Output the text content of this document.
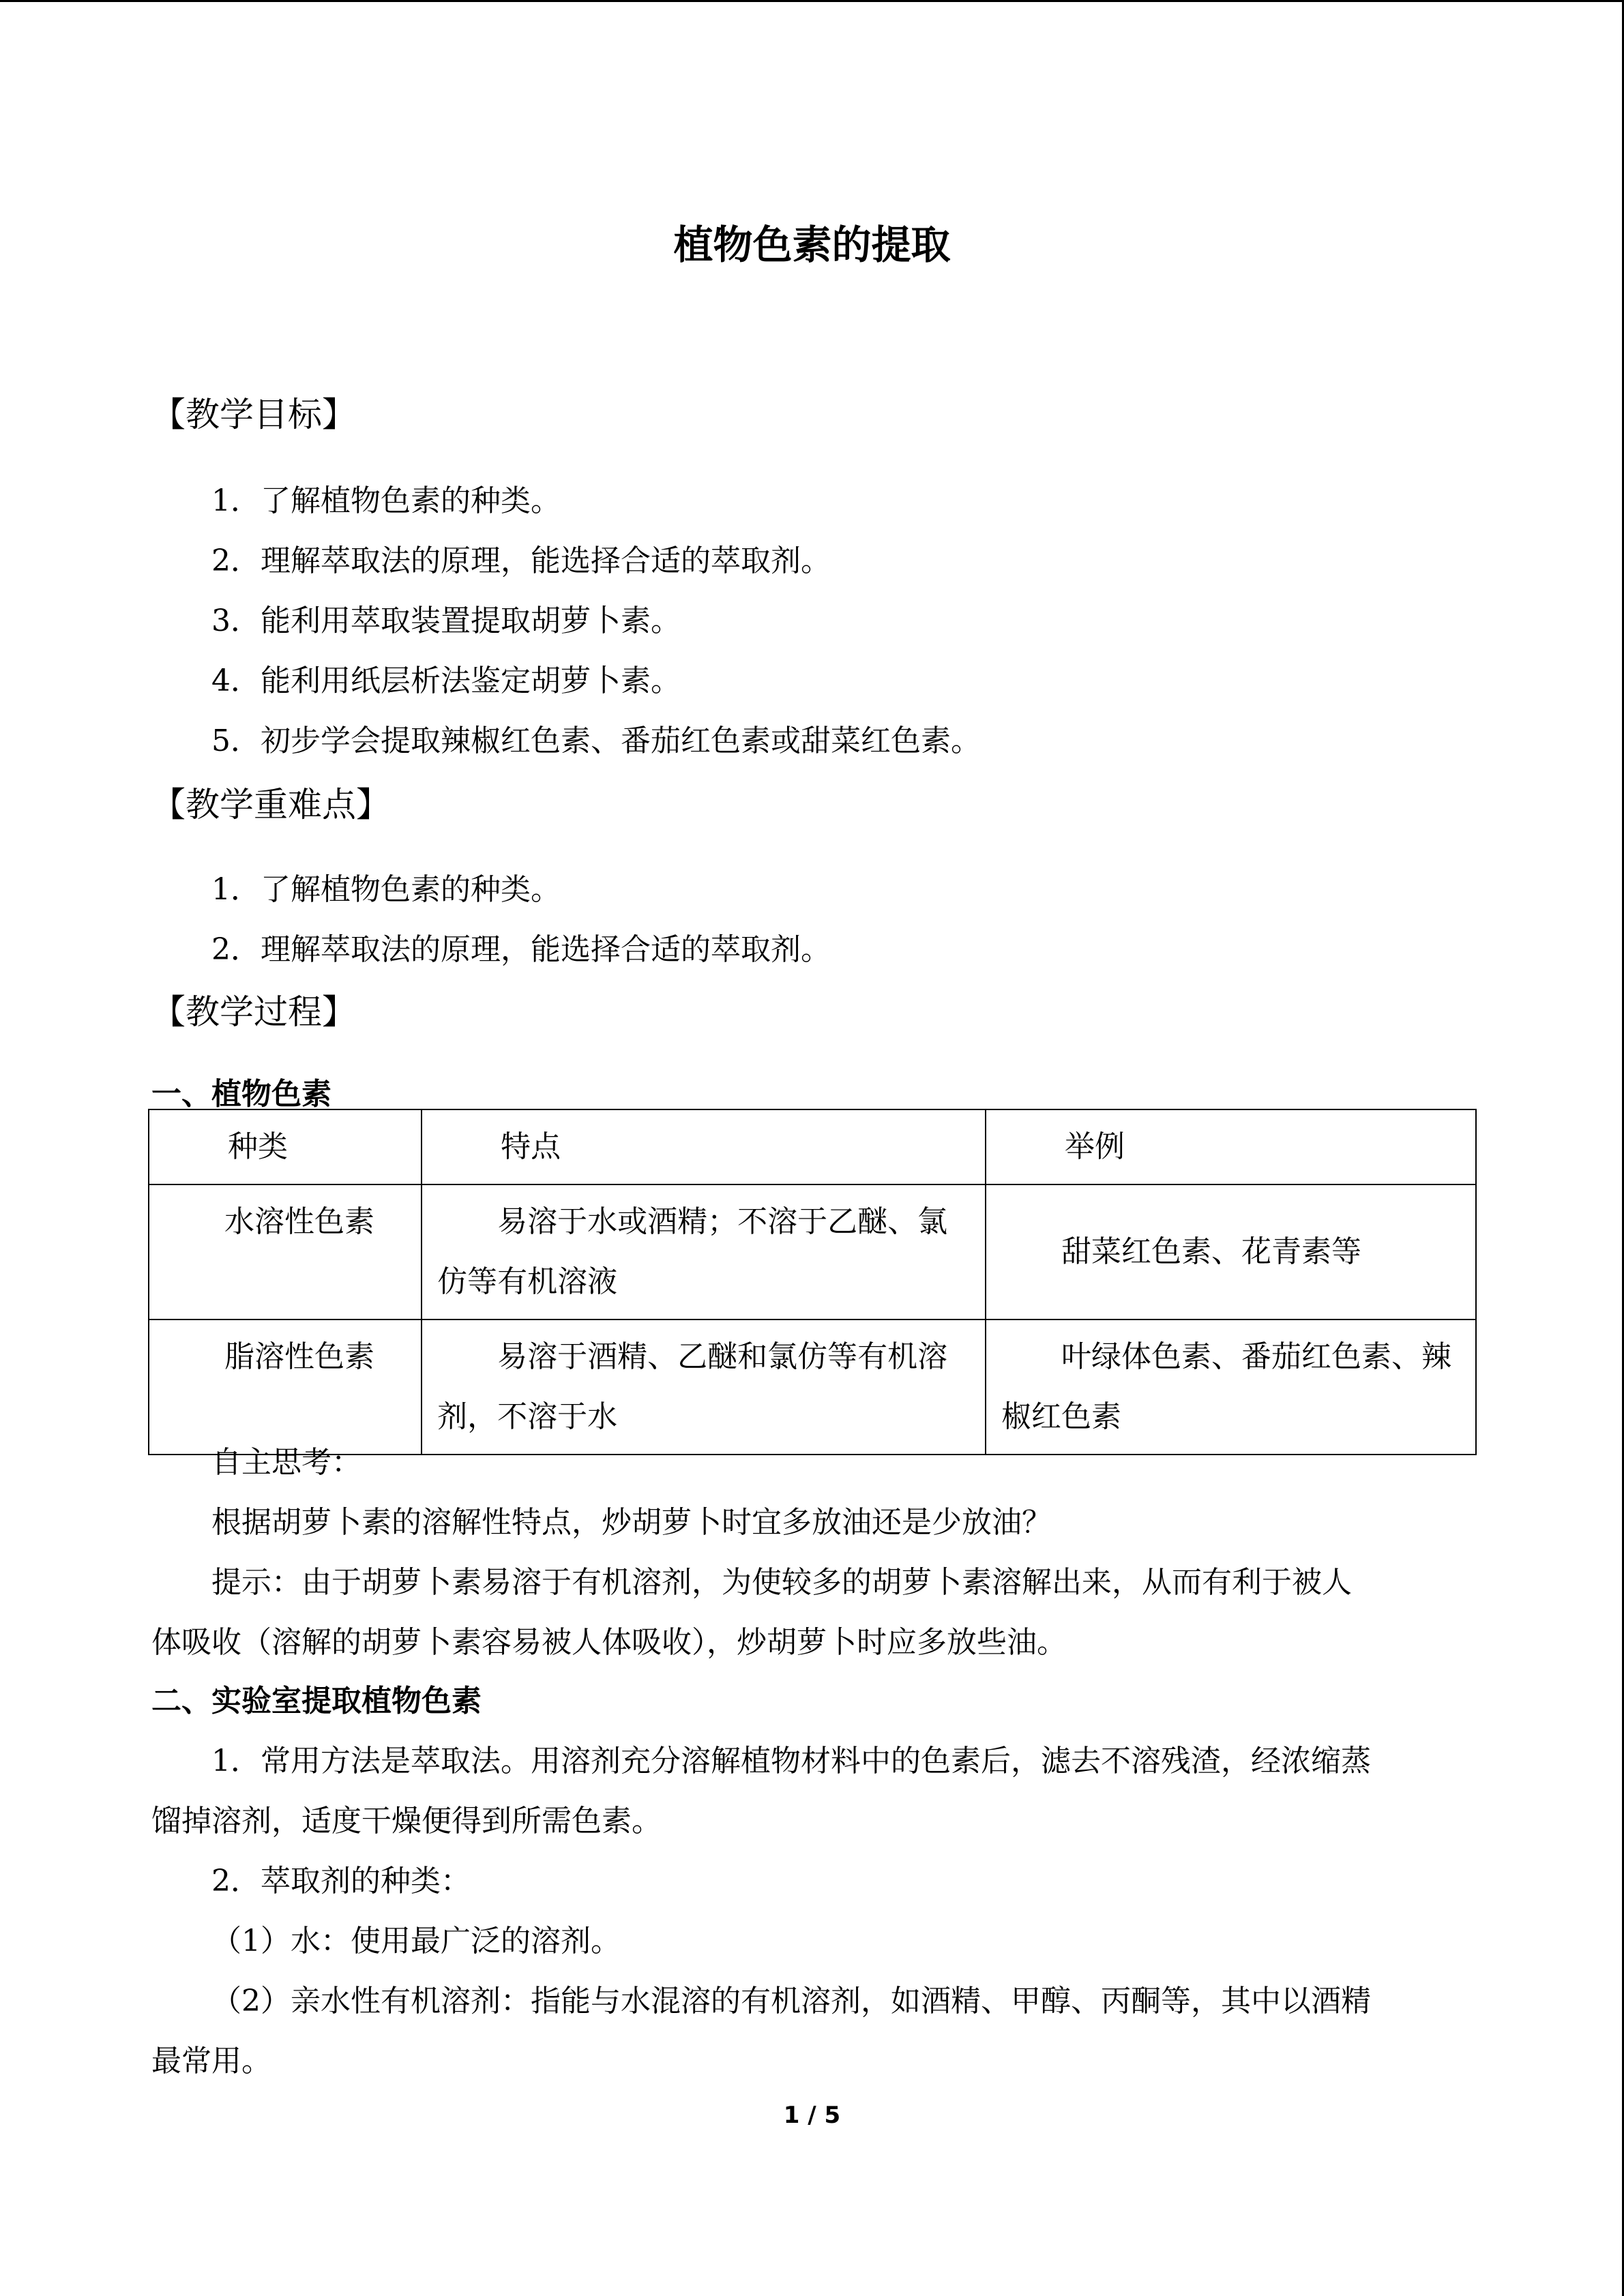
植物色素的提取
【教学目标】
1．了解植物色素的种类。
2．理解萃取法的原理，能选择合适的萃取剂。
3．能利用萃取装置提取胡萝卜素。
4．能利用纸层析法鉴定胡萝卜素。
5．初步学会提取辣椒红色素、番茄红色素或甜菜红色素。
【教学重难点】
1．了解植物色素的种类。
2．理解萃取法的原理，能选择合适的萃取剂。
【教学过程】
一、植物色素
种类	特点	举例

水溶性色素	易溶于水或酒精；不溶于乙醚、氯仿等有机溶液	甜菜红色素、花青素等

脂溶性色素	易溶于酒精、乙醚和氯仿等有机溶剂，不溶于水	叶绿体色素、番茄红色素、辣椒红色素
自主思考：
根据胡萝卜素的溶解性特点，炒胡萝卜时宜多放油还是少放油？
提示：由于胡萝卜素易溶于有机溶剂，为使较多的胡萝卜素溶解出来，从而有利于被人
体吸收（溶解的胡萝卜素容易被人体吸收），炒胡萝卜时应多放些油。
二、实验室提取植物色素
1．常用方法是萃取法。用溶剂充分溶解植物材料中的色素后，滤去不溶残渣，经浓缩蒸
馏掉溶剂，适度干燥便得到所需色素。
2．萃取剂的种类：
（1）水：使用最广泛的溶剂。
（2）亲水性有机溶剂：指能与水混溶的有机溶剂，如酒精、甲醇、丙酮等，其中以酒精
最常用。
1 / 5
